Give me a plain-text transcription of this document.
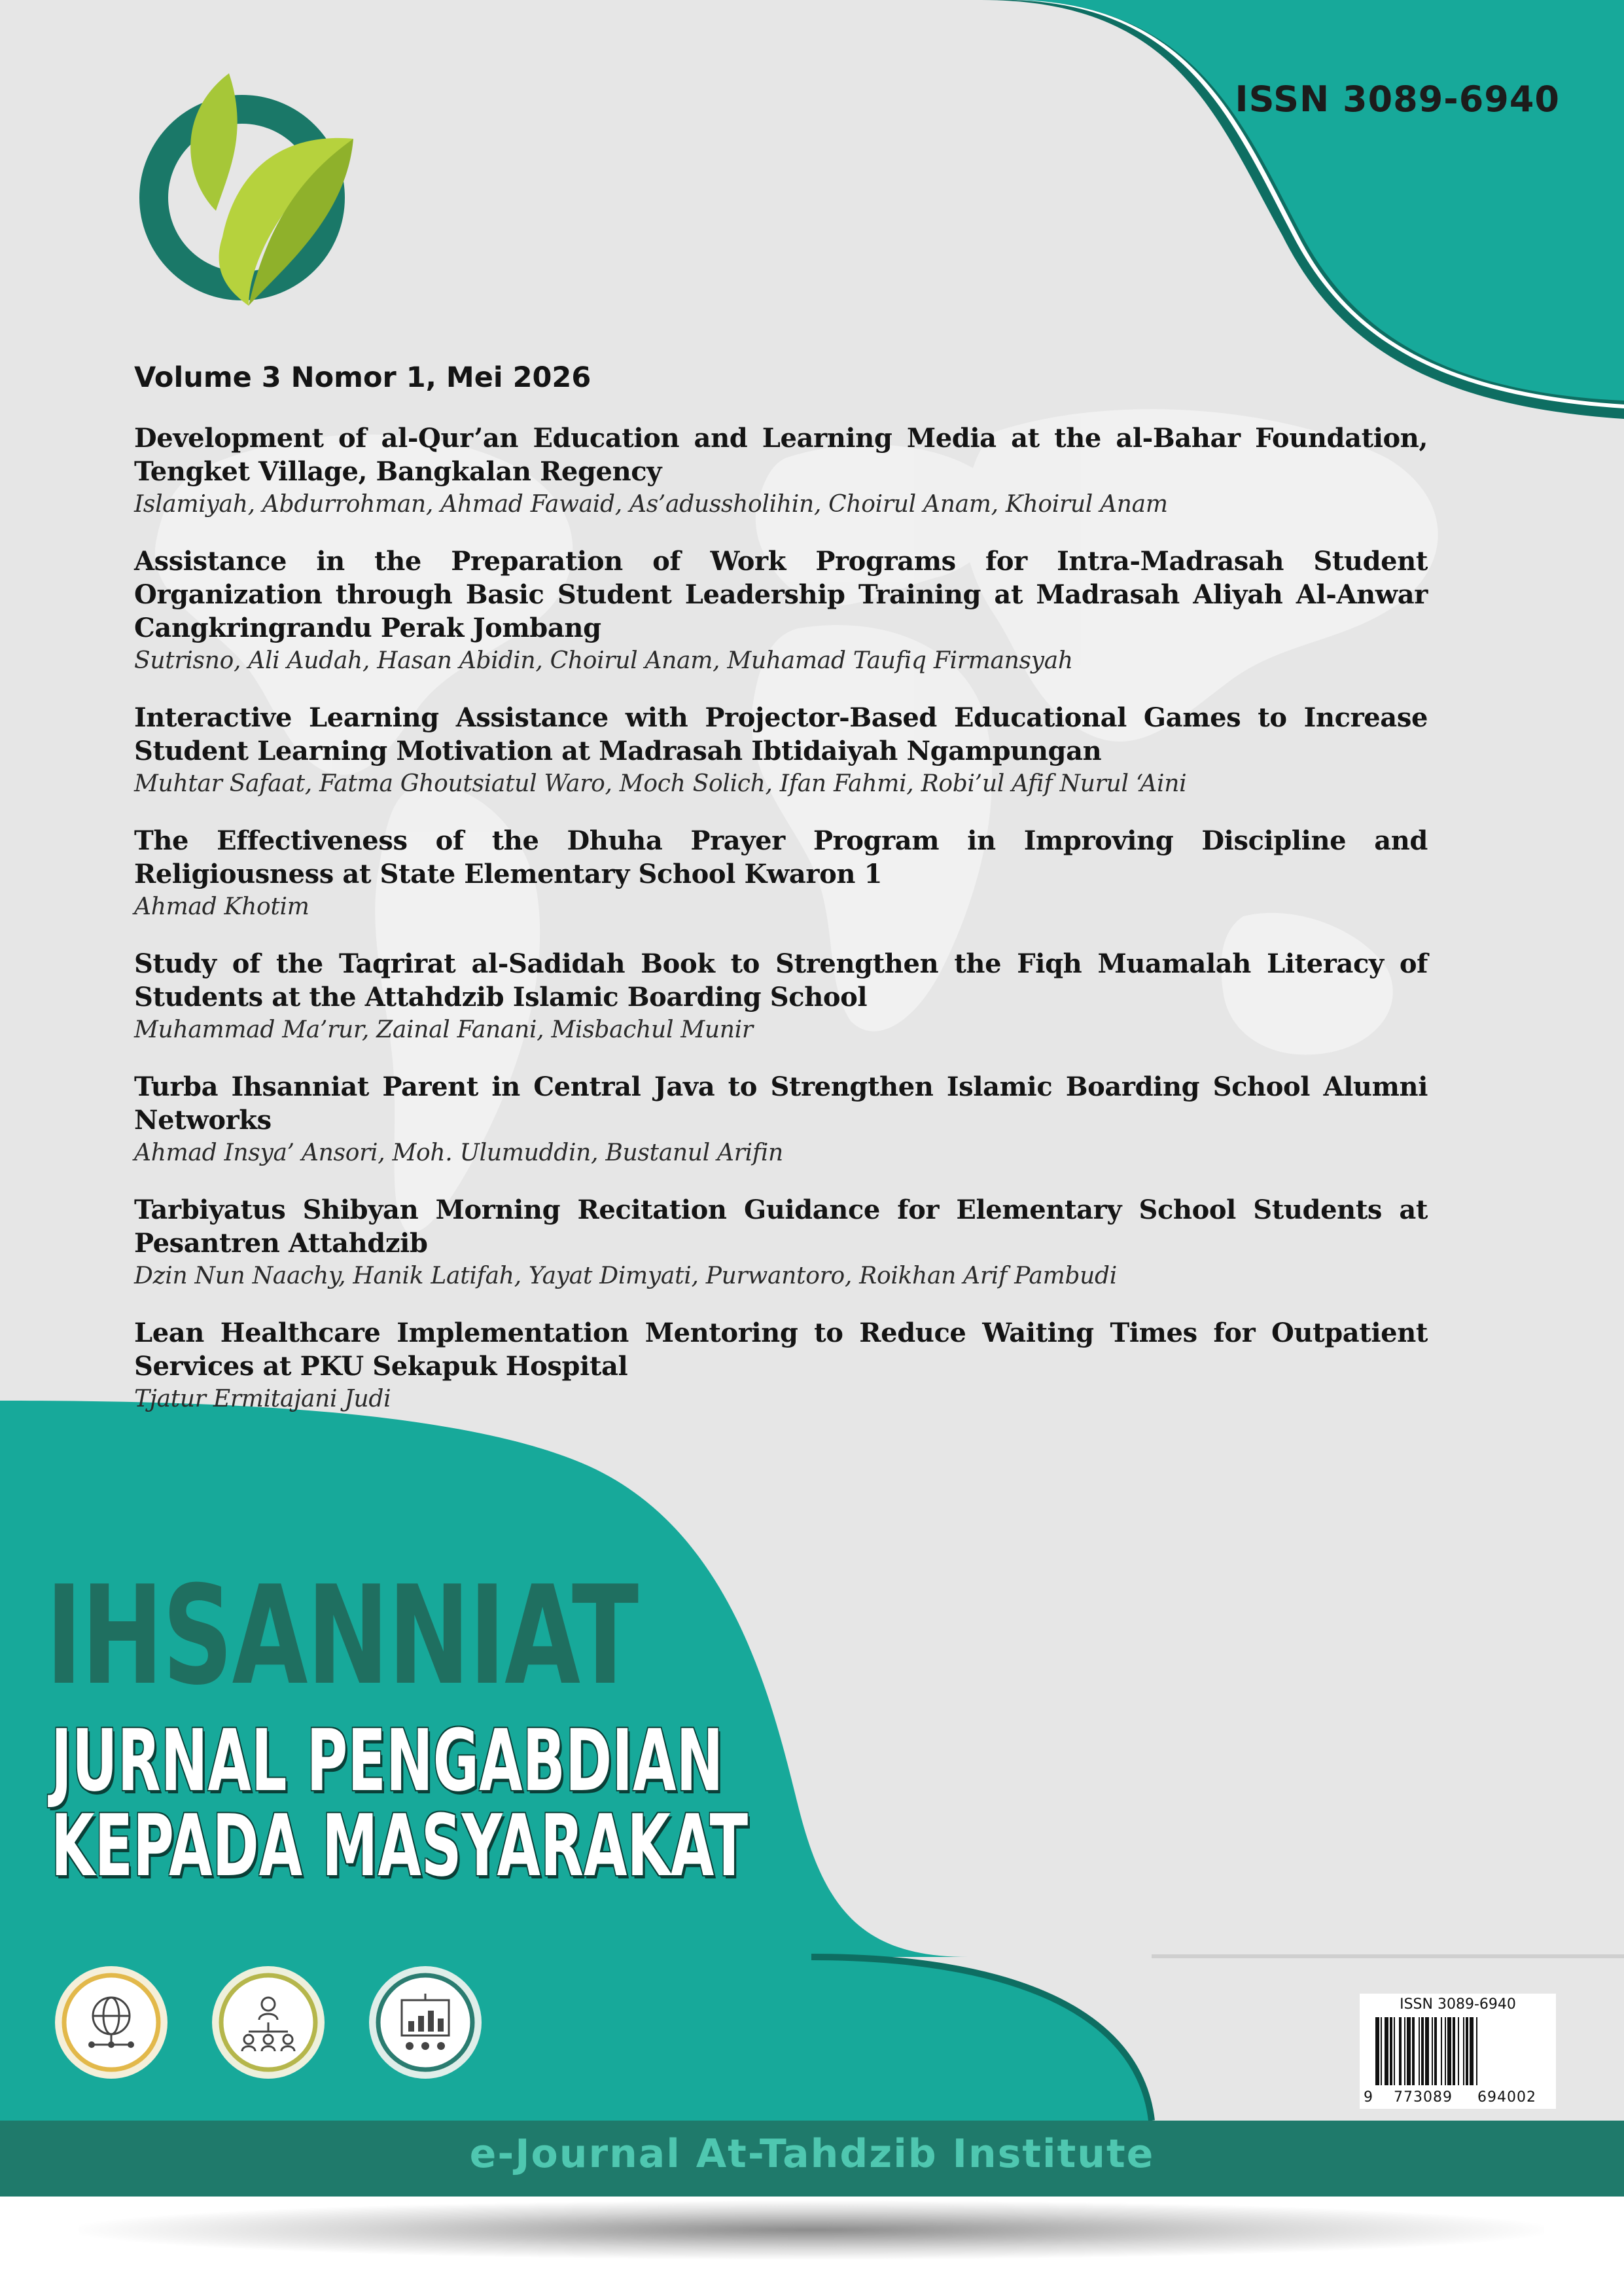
ISSN 3089-6940

Volume 3 Nomor 1, Mei 2026

Development of al-Qur’an Education and Learning Media at the al-Bahar Foundation, Tengket Village, Bangkalan Regency

Islamiyah, Abdurrohman, Ahmad Fawaid, As’adussholihin, Choirul Anam, Khoirul Anam

Assistance in the Preparation of Work Programs for Intra-Madrasah Student Organization through Basic Student Leadership Training at Madrasah Aliyah Al-Anwar Cangkringrandu Perak Jombang

Sutrisno, Ali Audah, Hasan Abidin, Choirul Anam, Muhamad Taufiq Firmansyah

Interactive Learning Assistance with Projector-Based Educational Games to Increase Student Learning Motivation at Madrasah Ibtidaiyah Ngampungan

Muhtar Safaat, Fatma Ghoutsiatul Waro, Moch Solich, Ifan Fahmi, Robi’ul Afif Nurul ‘Aini

The Effectiveness of the Dhuha Prayer Program in Improving Discipline and Religiousness at State Elementary School Kwaron 1

Ahmad Khotim

Study of the Taqrirat al-Sadidah Book to Strengthen the Fiqh Muamalah Literacy of Students at the Attahdzib Islamic Boarding School

Muhammad Ma’rur, Zainal Fanani, Misbachul Munir

Turba Ihsanniat Parent in Central Java to Strengthen Islamic Boarding School Alumni Networks

Ahmad Insya’ Ansori, Moh. Ulumuddin, Bustanul Arifin

Tarbiyatus Shibyan Morning Recitation Guidance for Elementary School Students at Pesantren Attahdzib

Dzin Nun Naachy, Hanik Latifah, Yayat Dimyati, Purwantoro, Roikhan Arif Pambudi

Lean Healthcare Implementation Mentoring to Reduce Waiting Times for Outpatient Services at PKU Sekapuk Hospital

Tjatur Ermitajani Judi

IHSANNIAT

JURNAL PENGABDIAN

KEPADA MASYARAKAT

ISSN 3089-6940

9 773089 694002

e-Journal At-Tahdzib Institute
